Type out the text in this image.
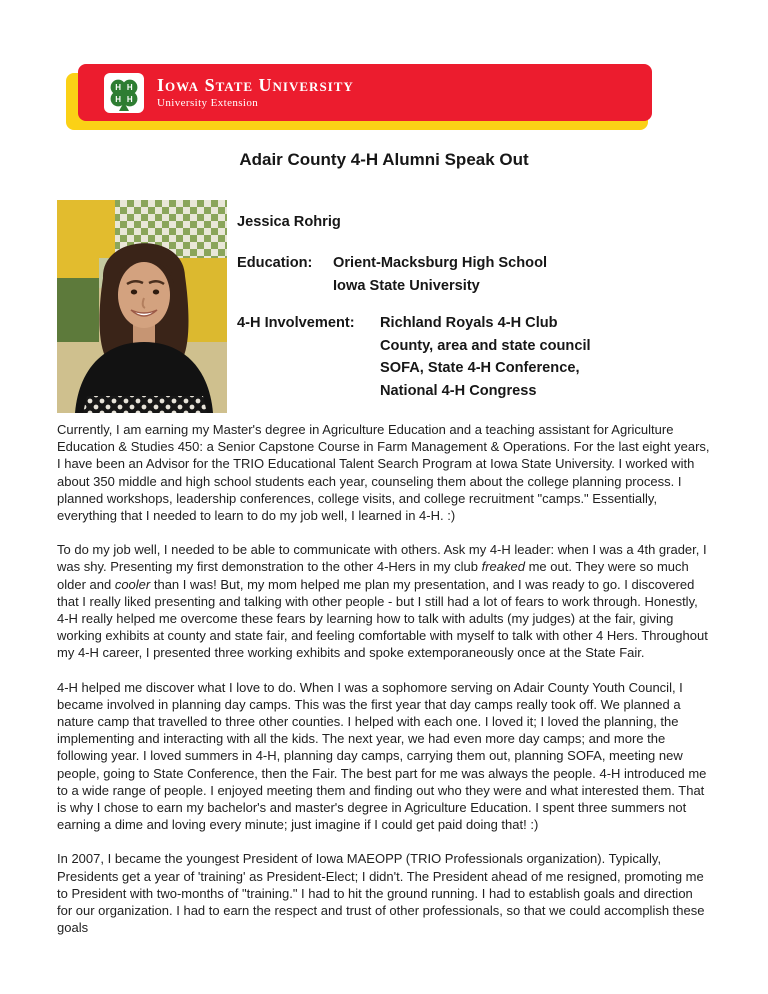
H H
H H
Iowa State University
University Extension
Adair County 4-H Alumni Speak Out
Jessica Rohrig
Education:	Orient-Macksburg High School
Iowa State University
4-H Involvement:	Richland Royals 4-H Club
County, area and state council
SOFA, State 4-H Conference,
National 4-H Congress

Currently, I am earning my Master's degree in Agriculture Education and a teaching assistant for Agriculture Education & Studies 450: a Senior Capstone Course in Farm Management & Operations. For the last eight years, I have been an Advisor for the TRIO Educational Talent Search Program at Iowa State University. I worked with about 350 middle and high school students each year, counseling them about the college planning process. I planned workshops, leadership conferences, college visits, and college recruitment "camps." Essentially, everything that I needed to learn to do my job well, I learned in 4-H. :)

To do my job well, I needed to be able to communicate with others. Ask my 4-H leader: when I was a 4th grader, I was shy. Presenting my first demonstration to the other 4-Hers in my club freaked me out. They were so much older and cooler than I was! But, my mom helped me plan my presentation, and I was ready to go. I discovered that I really liked presenting and talking with other people - but I still had a lot of fears to work through. Honestly, 4-H really helped me overcome these fears by learning how to talk with adults (my judges) at the fair, giving working exhibits at county and state fair, and feeling comfortable with myself to talk with other 4 Hers. Throughout my 4-H career, I presented three working exhibits and spoke extemporaneously once at the State Fair.

4-H helped me discover what I love to do. When I was a sophomore serving on Adair County Youth Council, I became involved in planning day camps. This was the first year that day camps really took off. We planned a nature camp that travelled to three other counties. I helped with each one. I loved it; I loved the planning, the implementing and interacting with all the kids. The next year, we had even more day camps; and more the following year. I loved summers in 4-H, planning day camps, carrying them out, planning SOFA, meeting new people, going to State Conference, then the Fair. The best part for me was always the people. 4-H introduced me to a wide range of people. I enjoyed meeting them and finding out who they were and what interested them. That is why I chose to earn my bachelor's and master's degree in Agriculture Education. I spent three summers not earning a dime and loving every minute; just imagine if I could get paid doing that! :)

In 2007, I became the youngest President of Iowa MAEOPP (TRIO Professionals organization). Typically, Presidents get a year of 'training' as President-Elect; I didn't. The President ahead of me resigned, promoting me to President with two-months of "training." I had to hit the ground running. I had to establish goals and direction for our organization. I had to earn the respect and trust of other professionals, so that we could accomplish these goals
